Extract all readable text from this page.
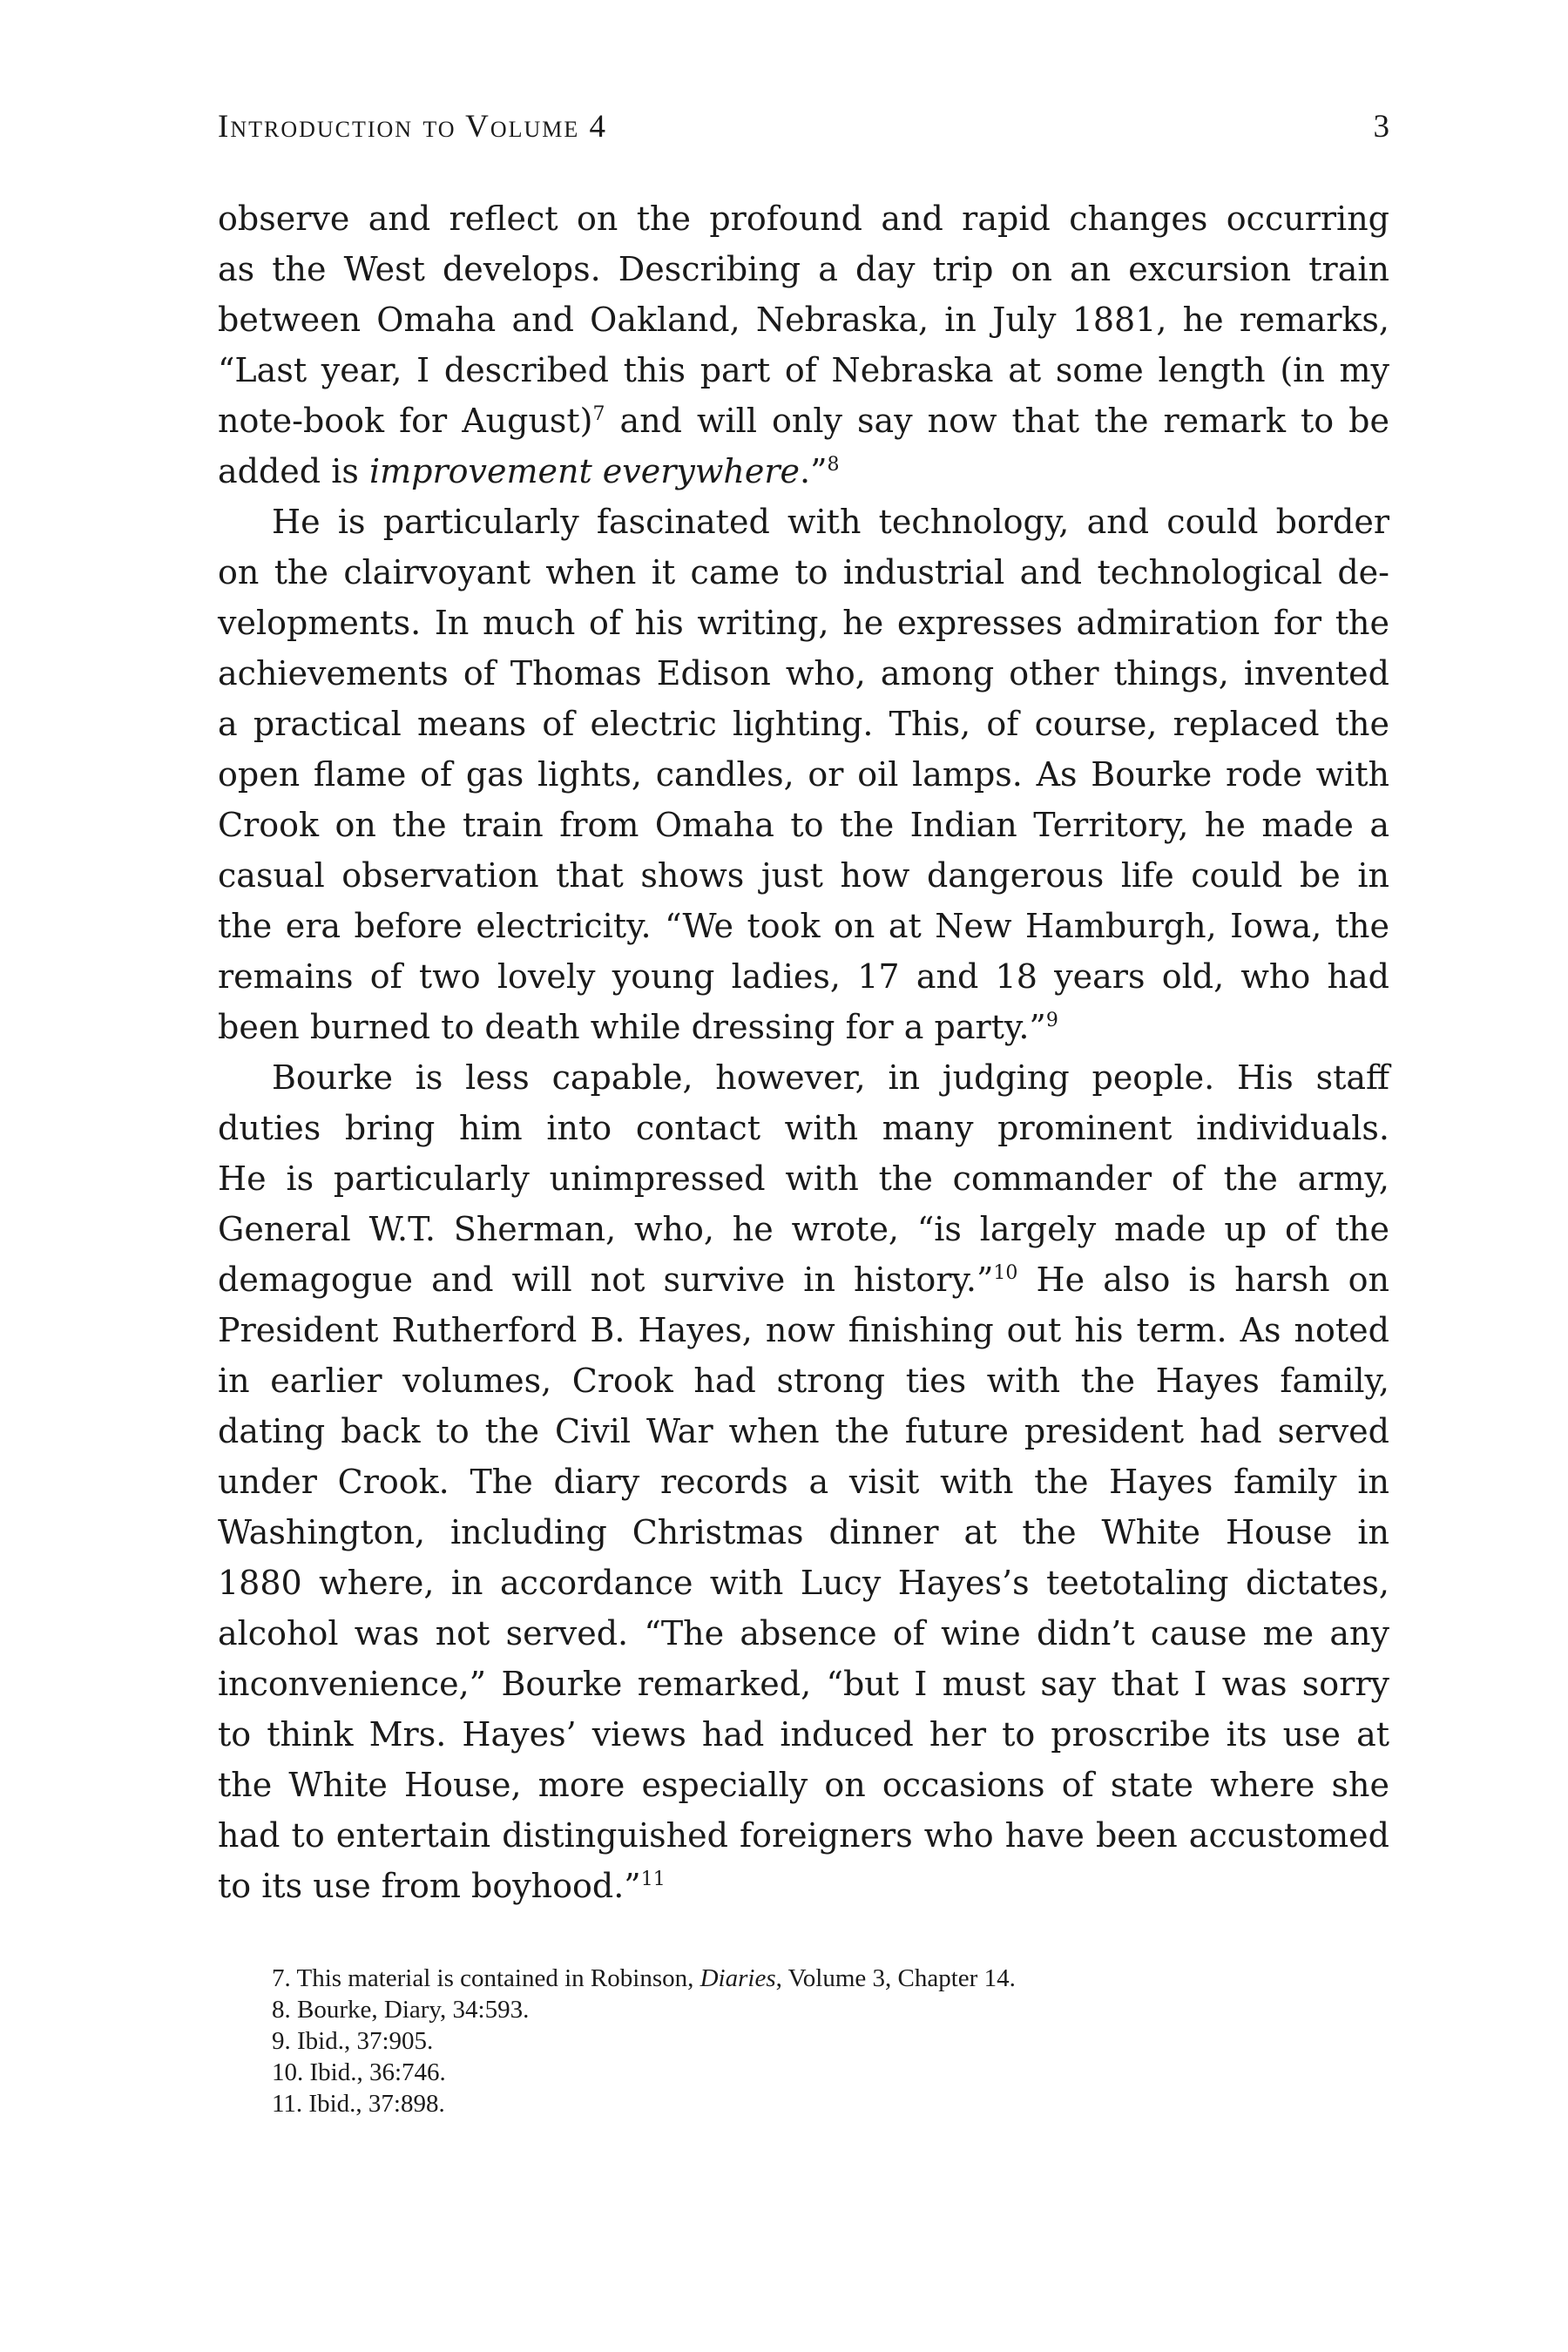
Introduction to Volume 4	3
observe and reflect on the profound and rapid changes occurring
as the West develops. Describing a day trip on an excursion train
between Omaha and Oakland, Nebraska, in July 1881, he remarks,
“Last year, I described this part of Nebraska at some length (in my
note-book for August)$^7$ and will only say now that the remark to be
added is improvement everywhere.”$^8$
He is particularly fascinated with technology, and could border
on the clairvoyant when it came to industrial and technological de-
velopments. In much of his writing, he expresses admiration for the
achievements of Thomas Edison who, among other things, invented
a practical means of electric lighting. This, of course, replaced the
open flame of gas lights, candles, or oil lamps. As Bourke rode with
Crook on the train from Omaha to the Indian Territory, he made a
casual observation that shows just how dangerous life could be in
the era before electricity. “We took on at New Hamburgh, Iowa, the
remains of two lovely young ladies, 17 and 18 years old, who had
been burned to death while dressing for a party.”$^9$
Bourke is less capable, however, in judging people. His staff
duties bring him into contact with many prominent individuals.
He is particularly unimpressed with the commander of the army,
General W.T. Sherman, who, he wrote, “is largely made up of the
demagogue and will not survive in history.”$^{10}$ He also is harsh on
President Rutherford B. Hayes, now finishing out his term. As noted
in earlier volumes, Crook had strong ties with the Hayes family,
dating back to the Civil War when the future president had served
under Crook. The diary records a visit with the Hayes family in
Washington, including Christmas dinner at the White House in
1880 where, in accordance with Lucy Hayes’s teetotaling dictates,
alcohol was not served. “The absence of wine didn’t cause me any
inconvenience,” Bourke remarked, “but I must say that I was sorry
to think Mrs. Hayes’ views had induced her to proscribe its use at
the White House, more especially on occasions of state where she
had to entertain distinguished foreigners who have been accustomed
to its use from boyhood.”$^{11}$
7. This material is contained in Robinson, Diaries, Volume 3, Chapter 14.
8. Bourke, Diary, 34:593.
9. Ibid., 37:905.
10. Ibid., 36:746.
11. Ibid., 37:898.
